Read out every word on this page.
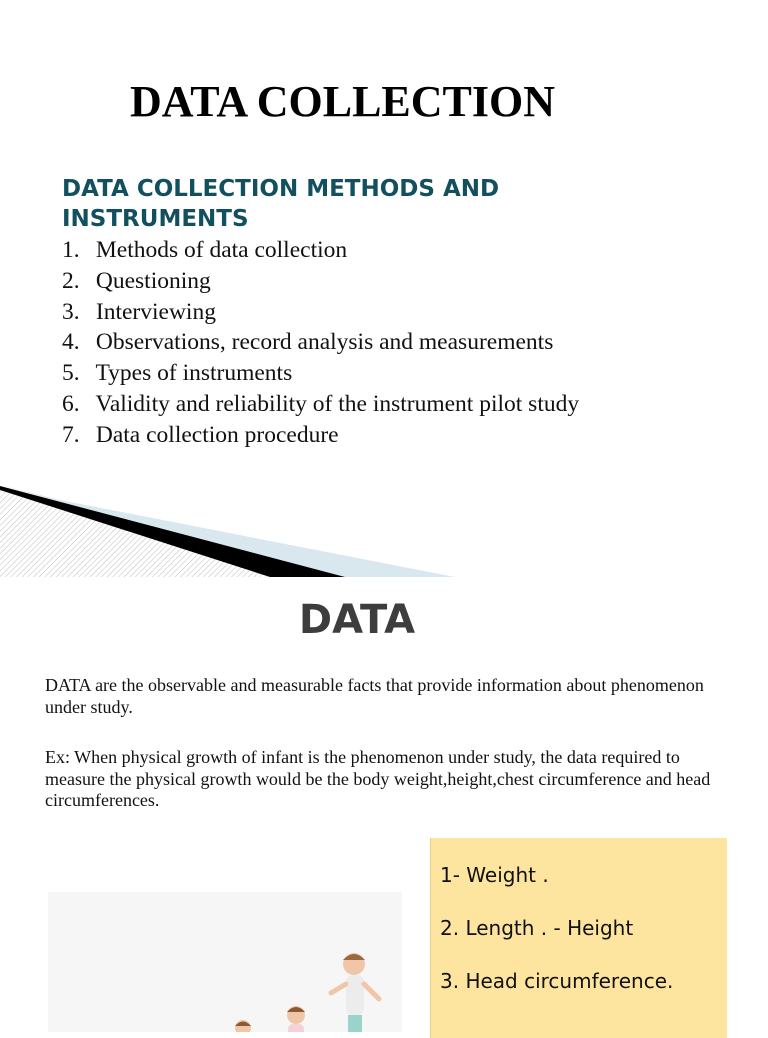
DATA COLLECTION
DATA COLLECTION METHODS AND INSTRUMENTS
1. Methods of data collection
2. Questioning
3. Interviewing
4. Observations, record analysis and measurements
5. Types of instruments
6. Validity and reliability of the instrument pilot study
7. Data collection procedure
DATA

DATA are the observable and measurable facts that provide information about phenomenon under study.

Ex: When physical growth of infant is the phenomenon under study, the data required to measure the physical growth would be the body weight,height,chest circumference and head circumferences.

1- Weight .
2. Length . - Height
3. Head circumference.
